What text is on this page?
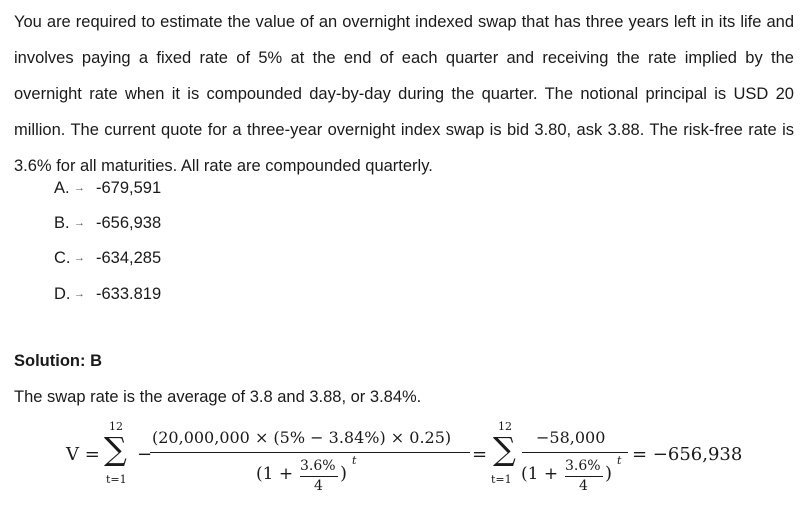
You are required to estimate the value of an overnight indexed swap that has three years left in its life and involves paying a fixed rate of 5% at the end of each quarter and receiving the rate implied by the overnight rate when it is compounded day-by-day during the quarter. The notional principal is USD 20 million. The current quote for a three-year overnight index swap is bid 3.80, ask 3.88. The risk-free rate is 3.6% for all maturities. All rate are compounded quarterly.
A. → -679,591
B. → -656,938
C. → -634,285
D. → -633.819
Solution: B
The swap rate is the average of 3.8 and 3.88, or 3.84%.
V =
12
∑
t=1
−
(20,000,000 × (5% − 3.84%) × 0.25)
(1 + 3.6%
4
)
t	=
12
∑
t=1
−58,000
(1 + 3.6%
4
)
t = −656,938
